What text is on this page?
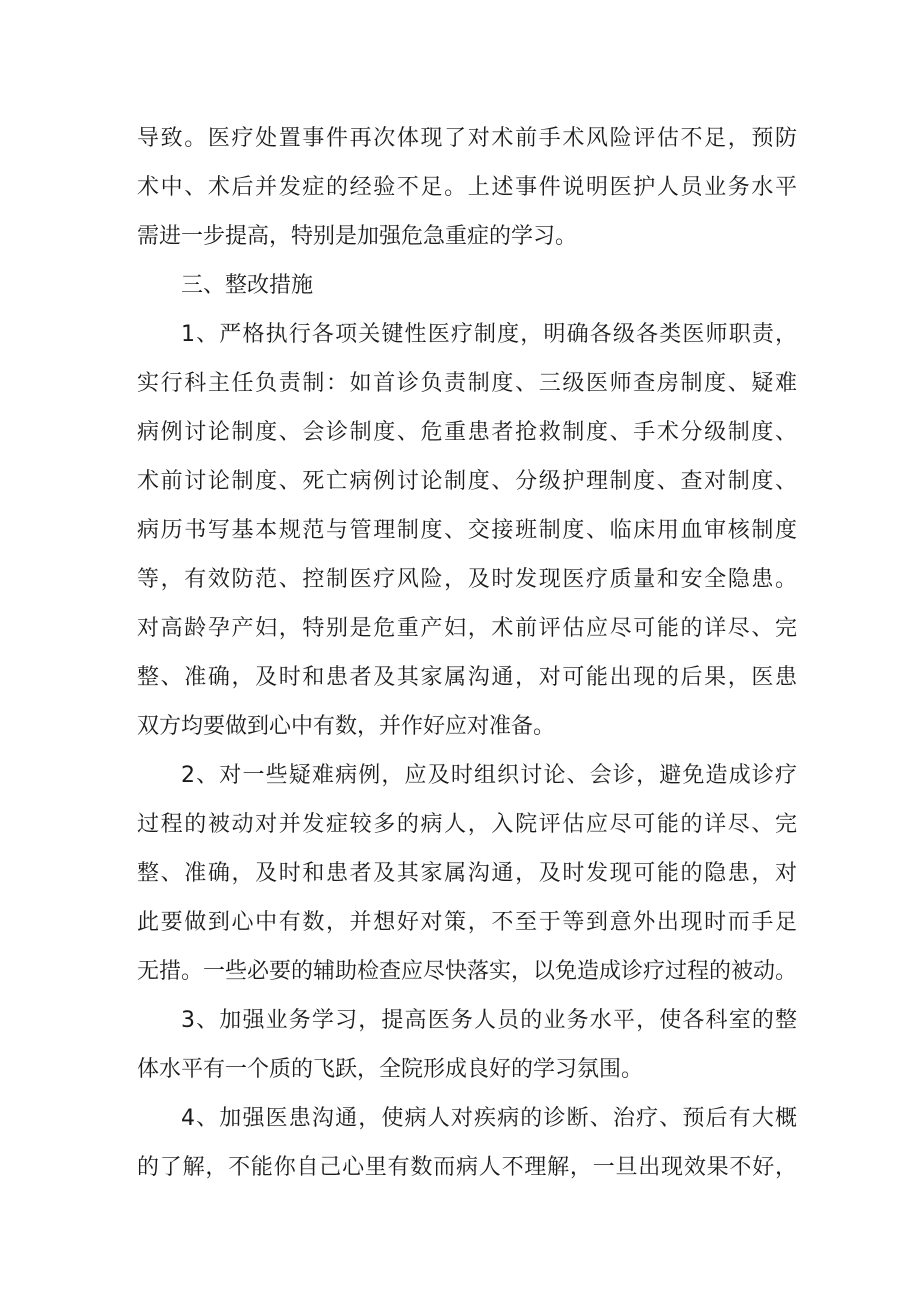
导致。医疗处置事件再次体现了对术前手术风险评估不足，预防
术中、术后并发症的经验不足。上述事件说明医护人员业务水平
需进一步提高，特别是加强危急重症的学习。
三、整改措施
1、严格执行各项关键性医疗制度，明确各级各类医师职责，
实行科主任负责制：如首诊负责制度、三级医师查房制度、疑难
病例讨论制度、会诊制度、危重患者抢救制度、手术分级制度、
术前讨论制度、死亡病例讨论制度、分级护理制度、查对制度、
病历书写基本规范与管理制度、交接班制度、临床用血审核制度
等，有效防范、控制医疗风险，及时发现医疗质量和安全隐患。
对高龄孕产妇，特别是危重产妇，术前评估应尽可能的详尽、完
整、准确，及时和患者及其家属沟通，对可能出现的后果，医患
双方均要做到心中有数，并作好应对准备。
2、对一些疑难病例，应及时组织讨论、会诊，避免造成诊疗
过程的被动对并发症较多的病人，入院评估应尽可能的详尽、完
整、准确，及时和患者及其家属沟通，及时发现可能的隐患，对
此要做到心中有数，并想好对策，不至于等到意外出现时而手足
无措。一些必要的辅助检查应尽快落实，以免造成诊疗过程的被动。
3、加强业务学习，提高医务人员的业务水平，使各科室的整
体水平有一个质的飞跃，全院形成良好的学习氛围。
4、加强医患沟通，使病人对疾病的诊断、治疗、预后有大概
的了解，不能你自己心里有数而病人不理解，一旦出现效果不好，
